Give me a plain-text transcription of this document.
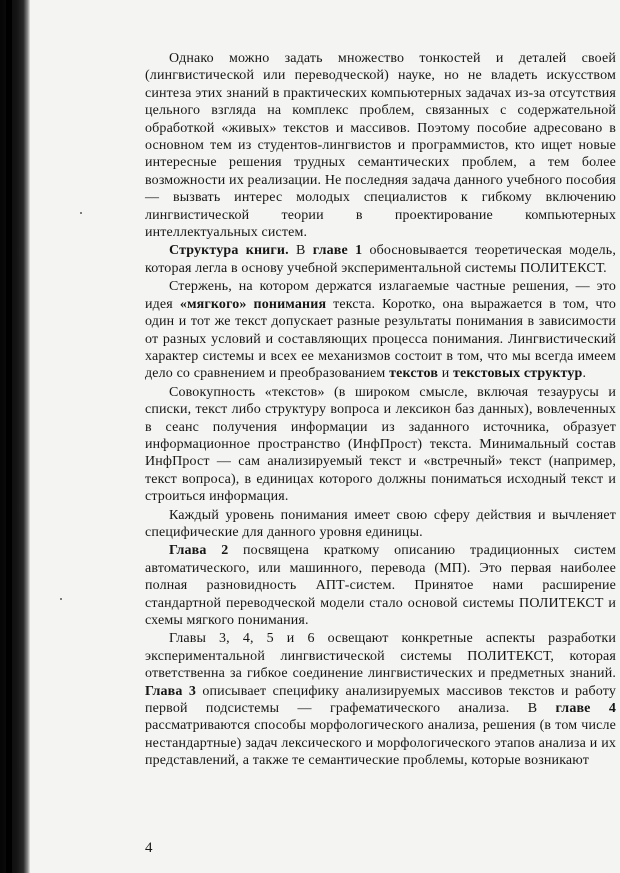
Однако можно задать множество тонкостей и деталей своей (лингвистической или переводческой) науке, но не владеть искусством синтеза этих знаний в практических компьютерных задачах из-за отсутствия цельного взгляда на комплекс проблем, связанных с содержательной обработкой «живых» текстов и массивов. Поэтому пособие адресовано в основном тем из студентов-лингвистов и программистов, кто ищет новые интересные решения трудных семантических проблем, а тем более возможности их реализации. Не последняя задача данного учебного пособия — вызвать интерес молодых специалистов к гибкому включению лингвистической теории в проектирование компьютерных интеллектуальных систем.

Структура книги. В главе 1 обосновывается теоретическая модель, которая легла в основу учебной экспериментальной системы ПОЛИТЕКСТ.

Стержень, на котором держатся излагаемые частные решения, — это идея «мягкого» понимания текста. Коротко, она выражается в том, что один и тот же текст допускает разные результаты понимания в зависимости от разных условий и составляющих процесса понимания. Лингвистический характер системы и всех ее механизмов состоит в том, что мы всегда имеем дело со сравнением и преобразованием текстов и текстовых структур.

Совокупность «текстов» (в широком смысле, включая тезаурусы и списки, текст либо структуру вопроса и лексикон баз данных), вовлеченных в сеанс получения информации из заданного источника, образует информационное пространство (ИнфПрост) текста. Минимальный состав ИнфПрост — сам анализируемый текст и «встречный» текст (например, текст вопроса), в единицах которого должны пониматься исходный текст и строиться информация.

Каждый уровень понимания имеет свою сферу действия и вычленяет специфические для данного уровня единицы.

Глава 2 посвящена краткому описанию традиционных систем автоматического, или машинного, перевода (МП). Это первая наиболее полная разновидность АПТ-систем. Принятое нами расширение стандартной переводческой модели стало основой системы ПОЛИТЕКСТ и схемы мягкого понимания.

Главы 3, 4, 5 и 6 освещают конкретные аспекты разработки экспериментальной лингвистической системы ПОЛИТЕКСТ, которая ответственна за гибкое соединение лингвистических и предметных знаний. Глава 3 описывает специфику анализируемых массивов текстов и работу первой подсистемы — графематического анализа. В главе 4 рассматриваются способы морфологического анализа, решения (в том числе нестандартные) задач лексического и морфологического этапов анализа и их представлений, а также те семантические проблемы, которые возникают

4
